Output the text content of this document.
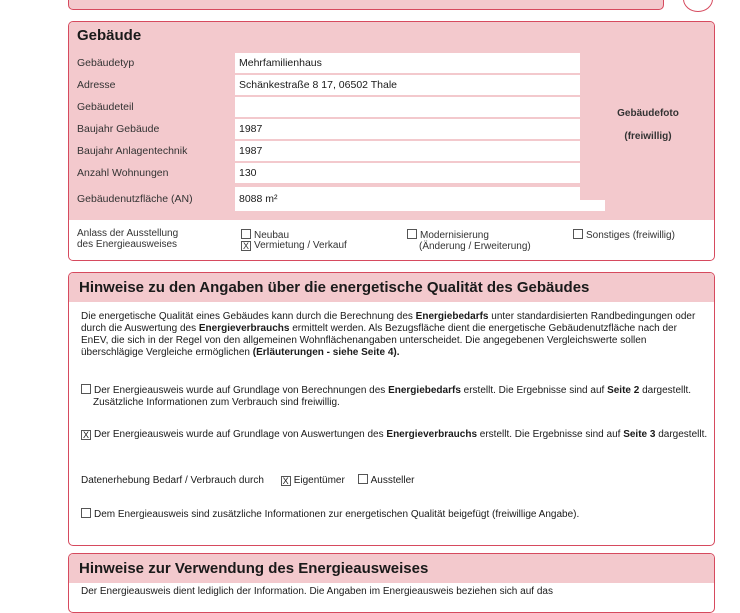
Gebäude
Gebäudetyp	Mehrfamilienhaus
Adresse	Schänkestraße 8 17, 06502 Thale
Gebäudeteil
Baujahr Gebäude	1987
Baujahr Anlagentechnik	1987
Anzahl Wohnungen	130
Gebäudenutzfläche (AN)	8088 m²
Gebäudefoto
(freiwillig)
Anlass der Ausstellung
des Energieausweises
Neubau
X Vermietung / Verkauf
Modernisierung
(Änderung / Erweiterung)
Sonstiges (freiwillig)
Hinweise zu den Angaben über die energetische Qualität des Gebäudes
Die energetische Qualität eines Gebäudes kann durch die Berechnung des Energiebedarfs unter standardisierten Randbedingungen oder durch die Auswertung des Energieverbrauchs ermittelt werden. Als Bezugsfläche dient die energetische Gebäudenutzfläche nach der EnEV, die sich in der Regel von den allgemeinen Wohnflächenangaben unterscheidet. Die angegebenen Vergleichswerte sollen überschlägige Vergleiche ermöglichen (Erläuterungen - siehe Seite 4).
Der Energieausweis wurde auf Grundlage von Berechnungen des Energiebedarfs erstellt. Die Ergebnisse sind auf Seite 2 dargestellt. Zusätzliche Informationen zum Verbrauch sind freiwillig.
X Der Energieausweis wurde auf Grundlage von Auswertungen des Energieverbrauchs erstellt. Die Ergebnisse sind auf Seite 3 dargestellt.
Datenerhebung Bedarf / Verbrauch durch X Eigentümer	Aussteller
Dem Energieausweis sind zusätzliche Informationen zur energetischen Qualität beigefügt (freiwillige Angabe).
Hinweise zur Verwendung des Energieausweises
Der Energieausweis dient lediglich der Information. Die Angaben im Energieausweis beziehen sich auf das
